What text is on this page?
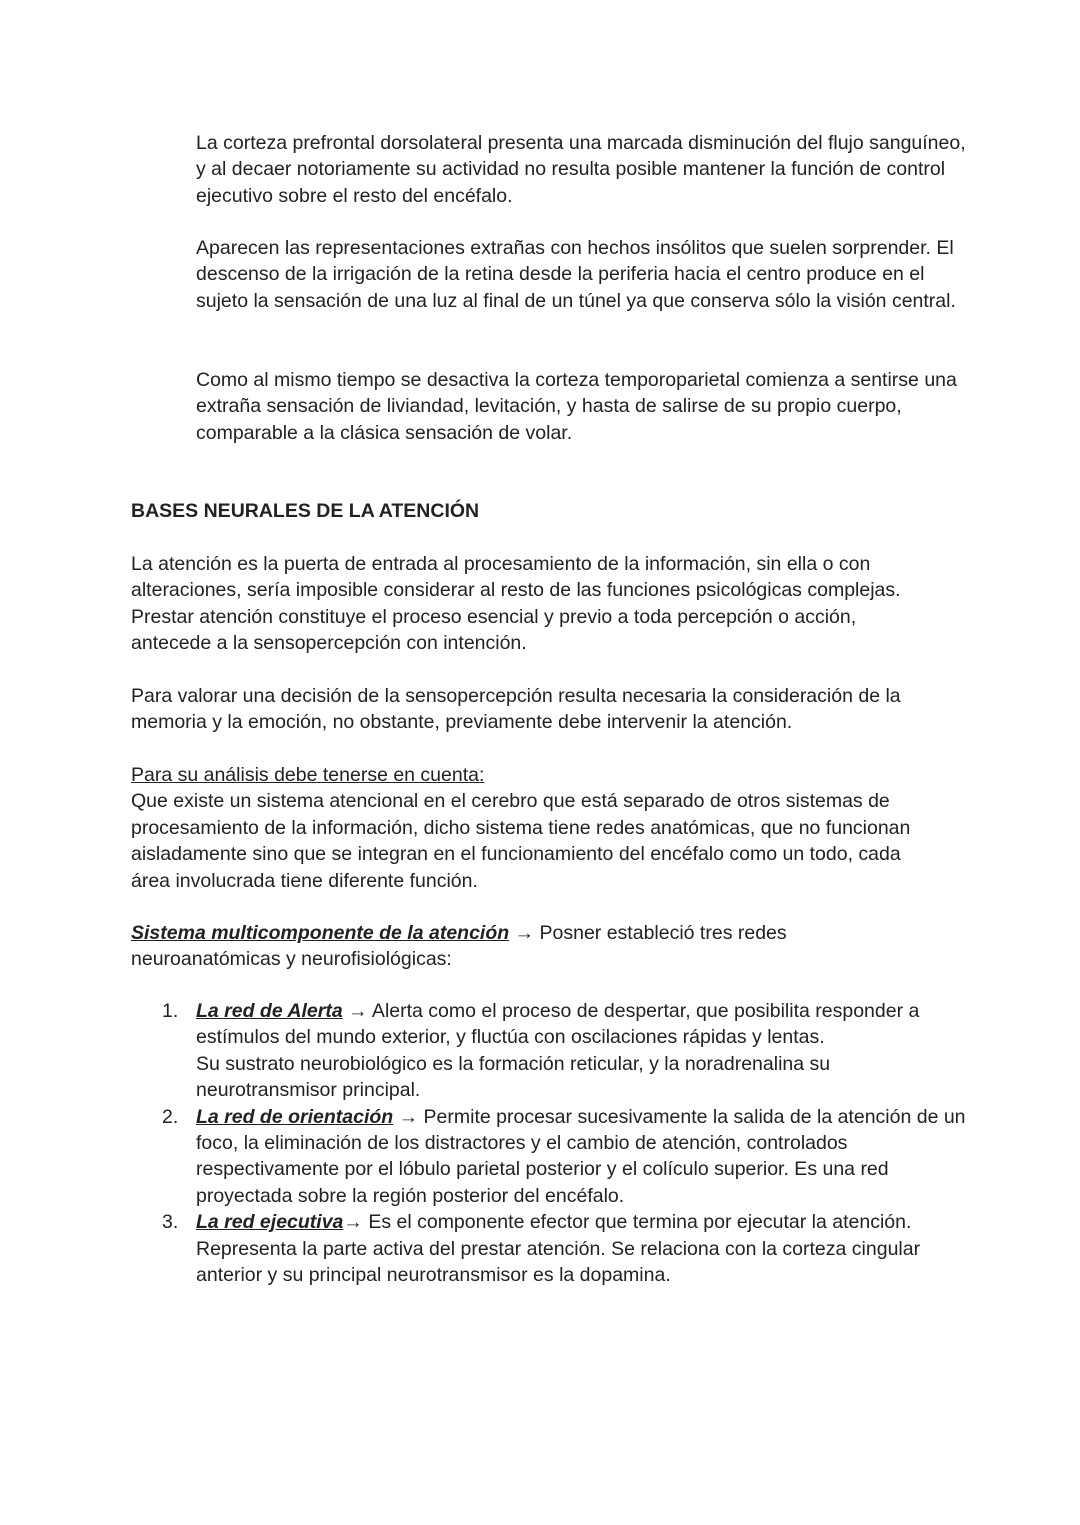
La corteza prefrontal dorsolateral presenta una marcada disminución del flujo sanguíneo, y al decaer notoriamente su actividad no resulta posible mantener la función de control ejecutivo sobre el resto del encéfalo.

Aparecen las representaciones extrañas con hechos insólitos que suelen sorprender. El descenso de la irrigación de la retina desde la periferia hacia el centro produce en el sujeto la sensación de una luz al final de un túnel ya que conserva sólo la visión central.

Como al mismo tiempo se desactiva la corteza temporoparietal comienza a sentirse una extraña sensación de liviandad, levitación, y hasta de salirse de su propio cuerpo, comparable a la clásica sensación de volar.

BASES NEURALES DE LA ATENCIÓN

La atención es la puerta de entrada al procesamiento de la información, sin ella o con alteraciones, sería imposible considerar al resto de las funciones psicológicas complejas. Prestar atención constituye el proceso esencial y previo a toda percepción o acción, antecede a la sensopercepción con intención.

Para valorar una decisión de la sensopercepción resulta necesaria la consideración de la memoria y la emoción, no obstante, previamente debe intervenir la atención.

Para su análisis debe tenerse en cuenta:
Que existe un sistema atencional en el cerebro que está separado de otros sistemas de procesamiento de la información, dicho sistema tiene redes anatómicas, que no funcionan aisladamente sino que se integran en el funcionamiento del encéfalo como un todo, cada área involucrada tiene diferente función.

Sistema multicomponente de la atención → Posner estableció tres redes neuroanatómicas y neurofisiológicas:

1. La red de Alerta → Alerta como el proceso de despertar, que posibilita responder a estímulos del mundo exterior, y fluctúa con oscilaciones rápidas y lentas.
Su sustrato neurobiológico es la formación reticular, y la noradrenalina su neurotransmisor principal.
2. La red de orientación → Permite procesar sucesivamente la salida de la atención de un foco, la eliminación de los distractores y el cambio de atención, controlados respectivamente por el lóbulo parietal posterior y el colículo superior. Es una red proyectada sobre la región posterior del encéfalo.
3. La red ejecutiva→ Es el componente efector que termina por ejecutar la atención. Representa la parte activa del prestar atención. Se relaciona con la corteza cingular anterior y su principal neurotransmisor es la dopamina.
